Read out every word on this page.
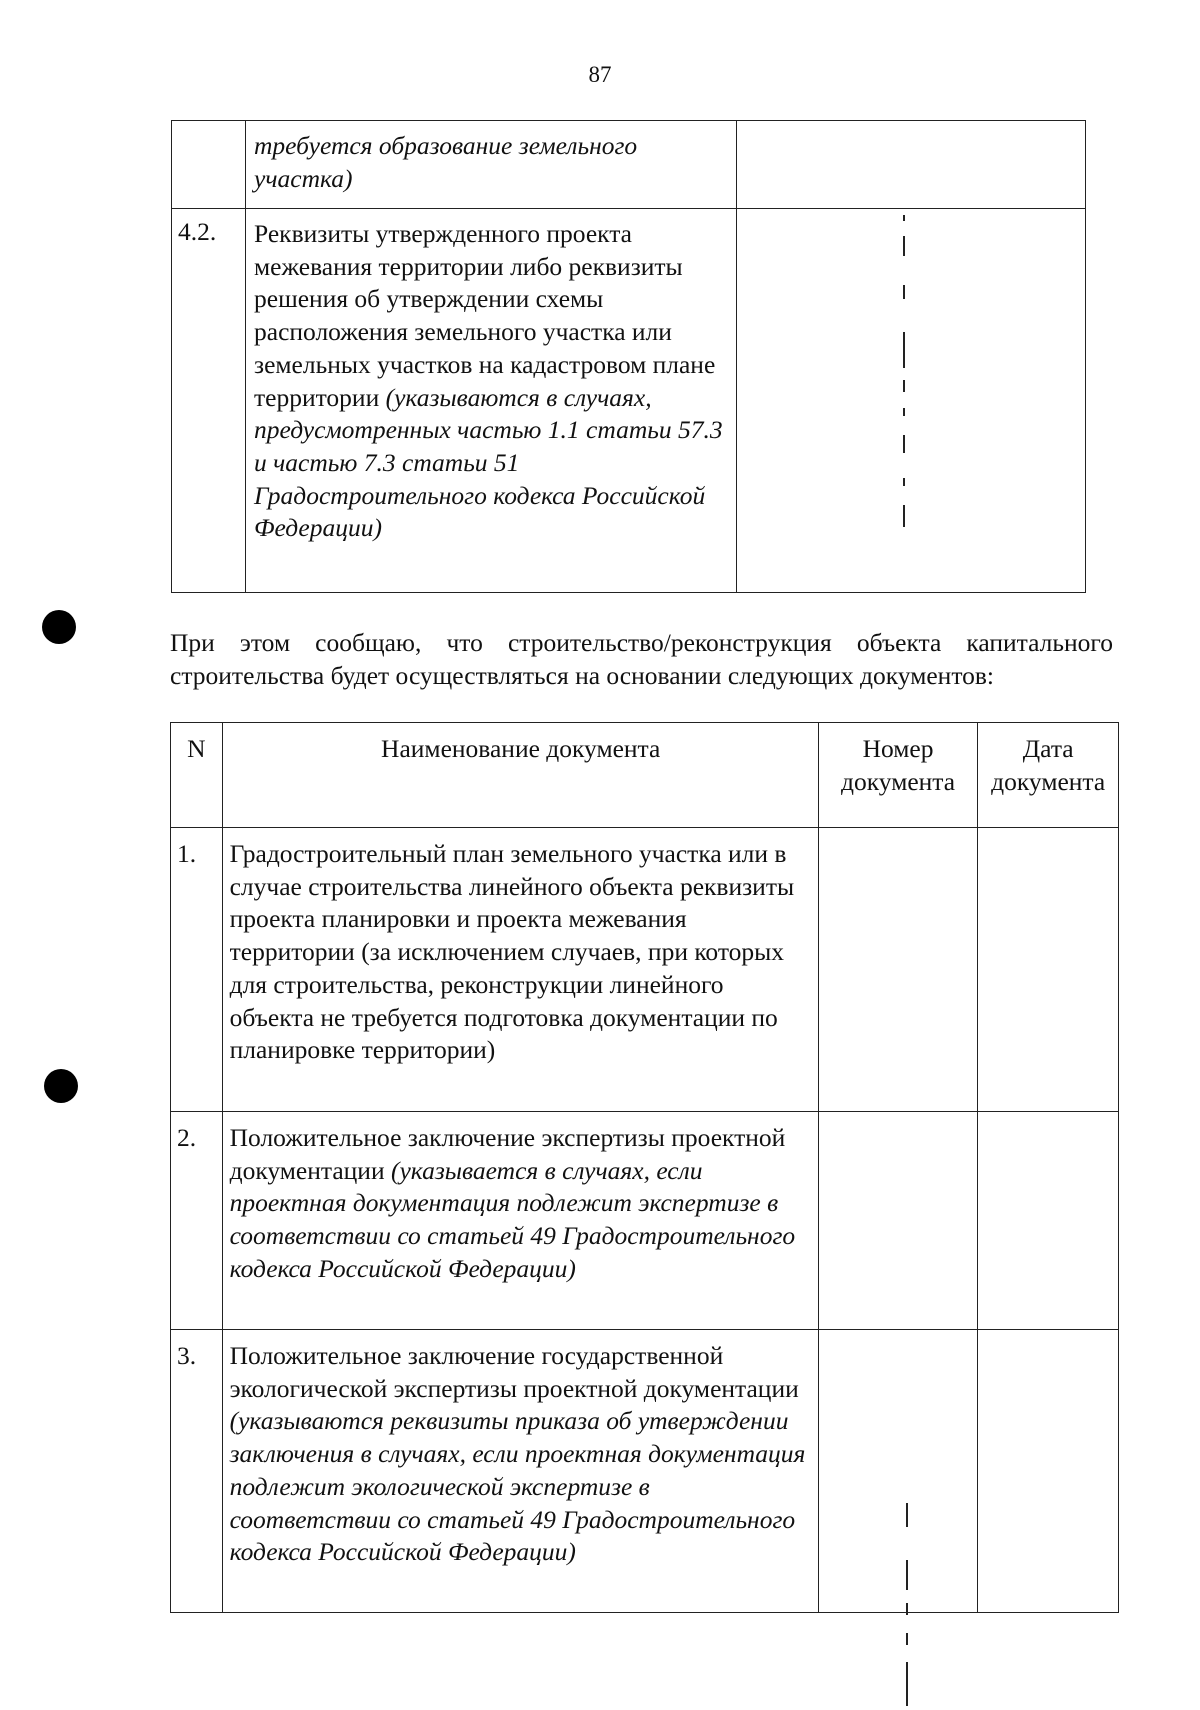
87
	требуется образование земельного участка)	
4.2.	Реквизиты утвержденного проекта межевания территории либо реквизиты решения об утверждении схемы расположения земельного участка или земельных участков на кадастровом плане территории (указываются в случаях, предусмотренных частью 1.1 статьи 57.3 и частью 7.3 статьи 51 Градостроительного кодекса Российской Федерации)	
При этом сообщаю, что строительство/реконструкция объекта капитального
строительства будет осуществляться на основании следующих документов:
N	Наименование документа	Номер документа	Дата документа
1.	Градостроительный план земельного участка или в случае строительства линейного объекта реквизиты проекта планировки и проекта межевания территории (за исключением случаев, при которых для строительства, реконструкции линейного объекта не требуется подготовка документации по планировке территории)		
2.	Положительное заключение экспертизы проектной документации (указывается в случаях, если проектная документация подлежит экспертизе в соответствии со статьей 49 Градостроительного кодекса Российской Федерации)		
3.	Положительное заключение государственной экологической экспертизы проектной документации (указываются реквизиты приказа об утверждении заключения в случаях, если проектная документация подлежит экологической экспертизе в соответствии со статьей 49 Градостроительного кодекса Российской Федерации)		
